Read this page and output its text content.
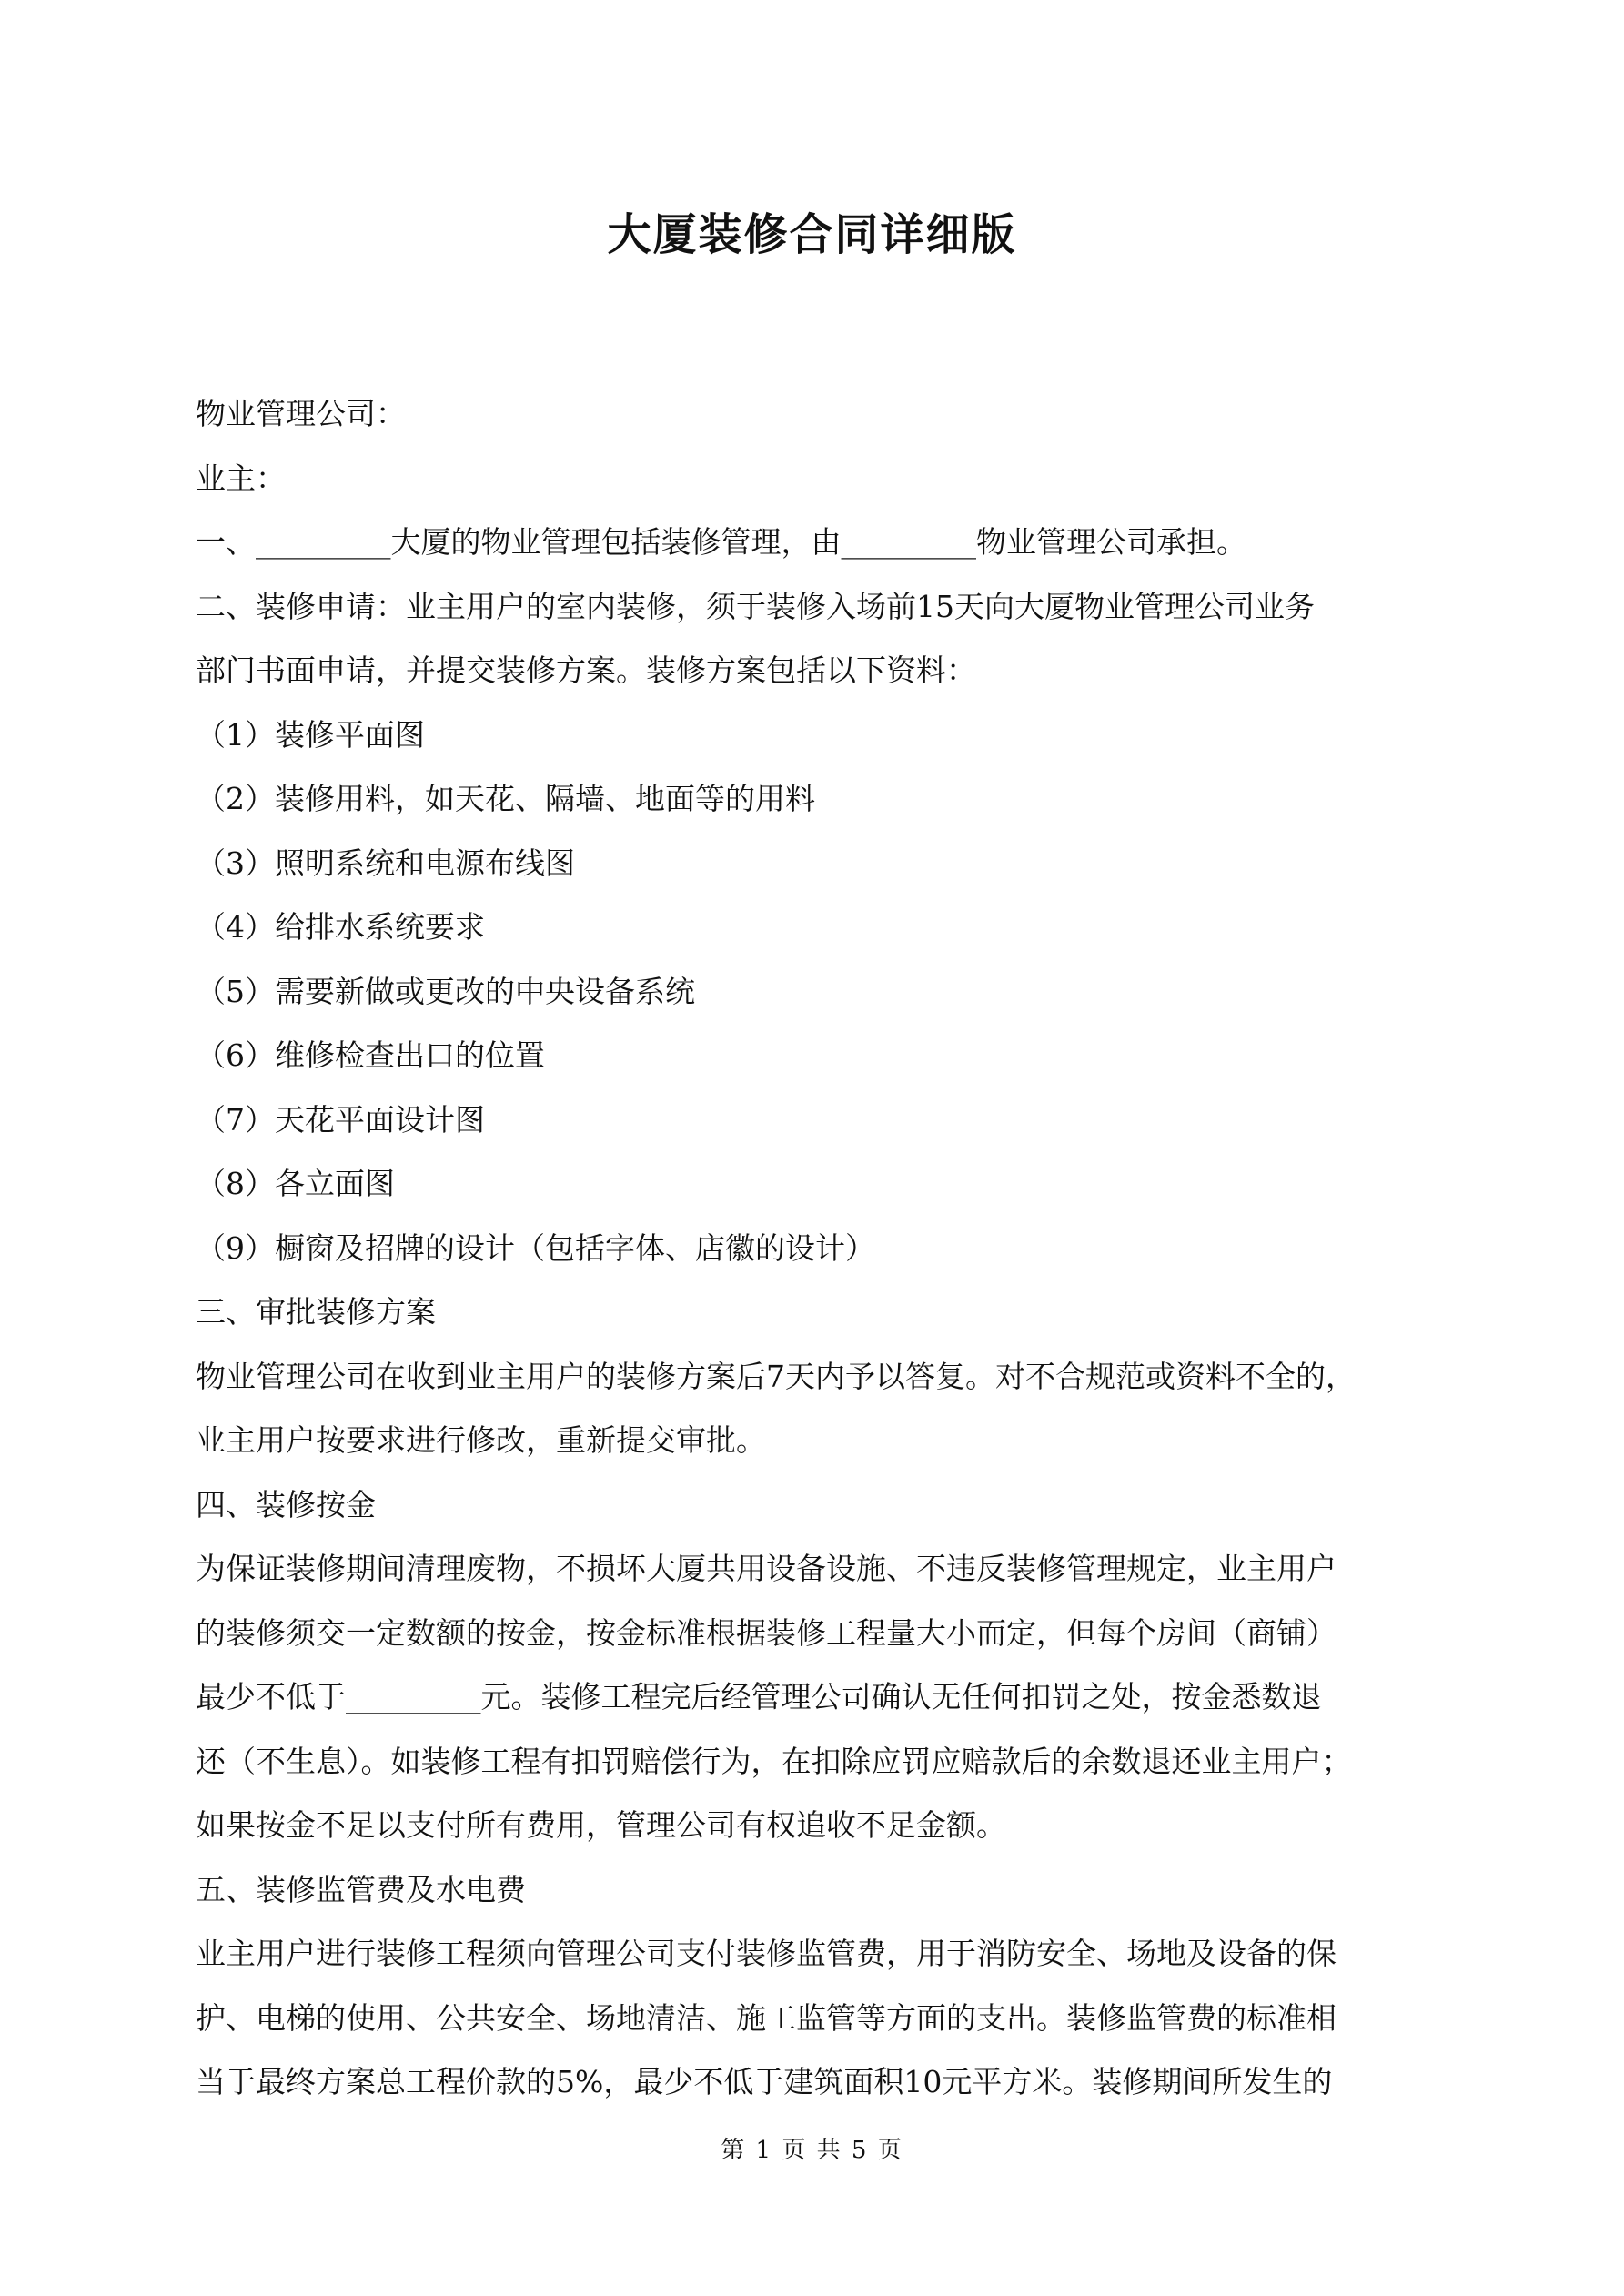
大厦装修合同详细版

物业管理公司：

业主：

一、_________大厦的物业管理包括装修管理，由_________物业管理公司承担。

二、装修申请：业主用户的室内装修，须于装修入场前15天向大厦物业管理公司业务

部门书面申请，并提交装修方案。装修方案包括以下资料：

（1）装修平面图

（2）装修用料，如天花、隔墙、地面等的用料

（3）照明系统和电源布线图

（4）给排水系统要求

（5）需要新做或更改的中央设备系统

（6）维修检查出口的位置

（7）天花平面设计图

（8）各立面图

（9）橱窗及招牌的设计（包括字体、店徽的设计）

三、审批装修方案

物业管理公司在收到业主用户的装修方案后7天内予以答复。对不合规范或资料不全的，

业主用户按要求进行修改，重新提交审批。

四、装修按金

为保证装修期间清理废物，不损坏大厦共用设备设施、不违反装修管理规定，业主用户

的装修须交一定数额的按金，按金标准根据装修工程量大小而定，但每个房间（商铺）

最少不低于_________元。装修工程完后经管理公司确认无任何扣罚之处，按金悉数退

还（不生息）。如装修工程有扣罚赔偿行为，在扣除应罚应赔款后的余数退还业主用户；

如果按金不足以支付所有费用，管理公司有权追收不足金额。

五、装修监管费及水电费

业主用户进行装修工程须向管理公司支付装修监管费，用于消防安全、场地及设备的保

护、电梯的使用、公共安全、场地清洁、施工监管等方面的支出。装修监管费的标准相

当于最终方案总工程价款的5%，最少不低于建筑面积10元平方米。装修期间所发生的

第 1 页 共 5 页
